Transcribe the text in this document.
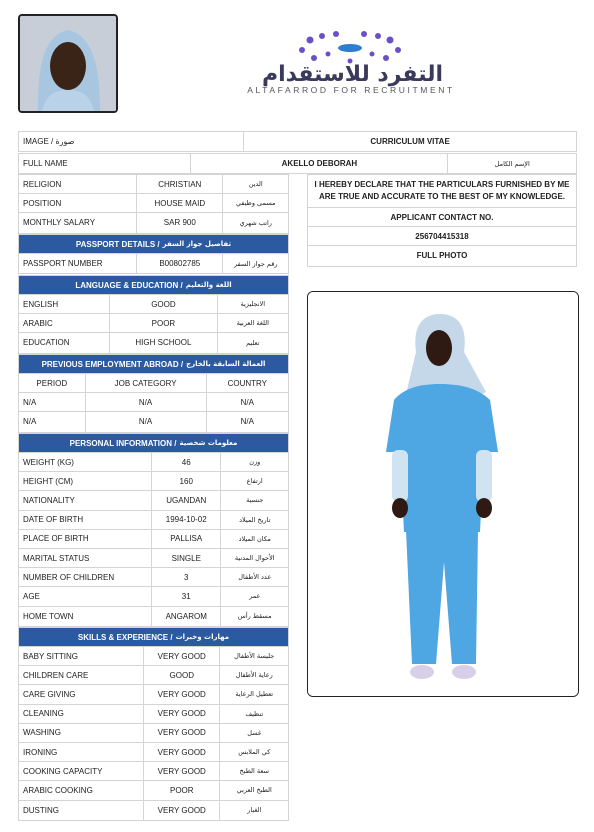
التفرد للاستقدام
ALTAFARROD FOR RECRUITMENT
IMAGE / صورة	CURRICULUM VITAE
FULL NAME	AKELLO DEBORAH	الإسم الكامل
RELIGION	CHRISTIAN	الدين
POSITION	HOUSE MAID	مسمى وظيفي
MONTHLY SALARY	SAR 900	راتب شهري
I HEREBY DECLARE THAT THE PARTICULARS FURNISHED BY ME ARE TRUE AND ACCURATE TO THE BEST OF MY KNOWLEDGE.
APPLICANT CONTACT NO.
256704415318
FULL PHOTO
PASSPORT DETAILS / تفاصيل جواز السفر
PASSPORT NUMBER	B00802785	رقم جواز السفر
LANGUAGE & EDUCATION / اللغة والتعليم
ENGLISH	GOOD	الانجليزية
ARABIC	POOR	اللغة العربية
EDUCATION	HIGH SCHOOL	تعليم
PREVIOUS EMPLOYMENT ABROAD / العمالة السابقة بالخارج
PERIOD	JOB CATEGORY	COUNTRY
N/A	N/A	N/A
N/A	N/A	N/A
PERSONAL INFORMATION / معلومات شخصية
WEIGHT (KG)	46	وزن
HEIGHT (CM)	160	ارتفاع
NATIONALITY	UGANDAN	جنسية
DATE OF BIRTH	1994-10-02	تاريخ الميلاد
PLACE OF BIRTH	PALLISA	مكان الميلاد
MARITAL STATUS	SINGLE	الأحوال المدنية
NUMBER OF CHILDREN	3	عدد الأطفال
AGE	31	عمر
HOME TOWN	ANGAROM	مسقط رأس
SKILLS & EXPERIENCE / مهارات وخبرات
BABY SITTING	VERY GOOD	جليسة الأطفال
CHILDREN CARE	GOOD	رعاية الأطفال
CARE GIVING	VERY GOOD	تعطيل الرعاية
CLEANING	VERY GOOD	تنظيف
WASHING	VERY GOOD	غسل
IRONING	VERY GOOD	كي الملابس
COOKING CAPACITY	VERY GOOD	سعة الطبخ
ARABIC COOKING	POOR	الطبخ العربي
DUSTING	VERY GOOD	الغبار
